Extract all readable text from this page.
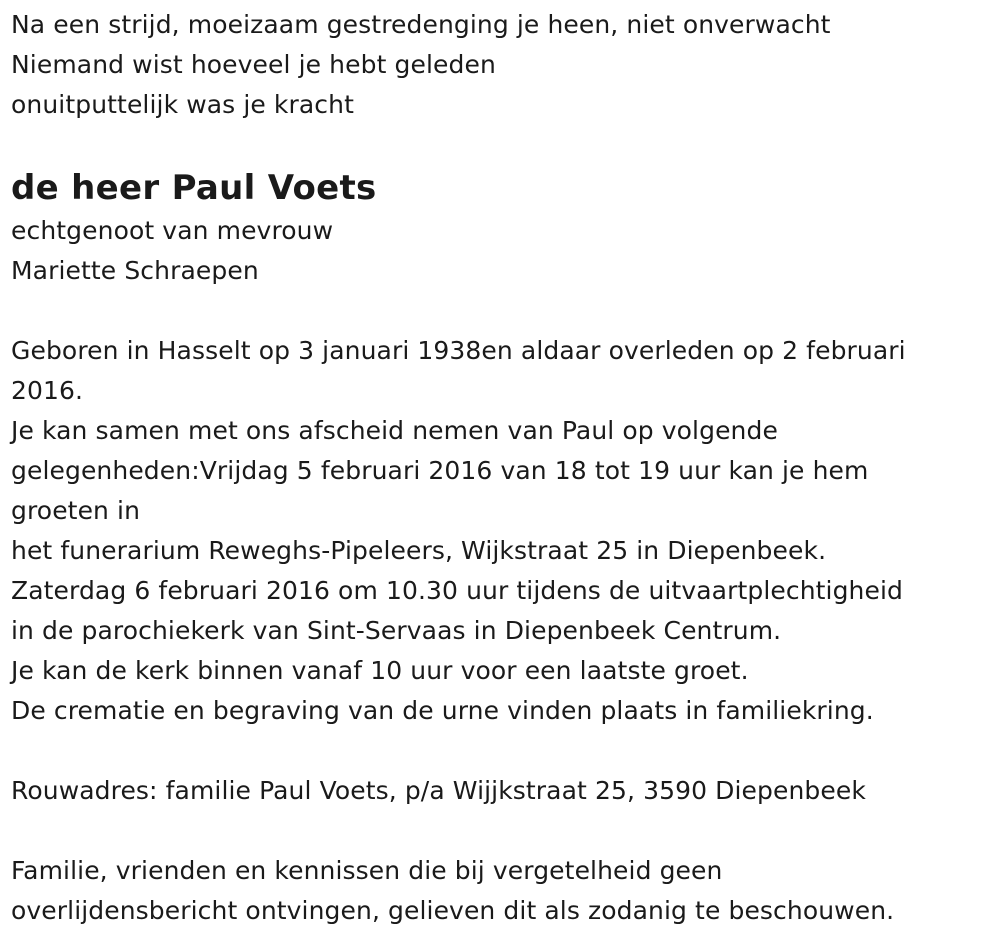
Na een strijd, moeizaam gestredenging je heen, niet onverwacht
Niemand wist hoeveel je hebt geleden
onuitputtelijk was je kracht
de heer Paul Voets
echtgenoot van mevrouw
Mariette Schraepen
Geboren in Hasselt op 3 januari 1938en aldaar overleden op 2 februari
2016.
Je kan samen met ons afscheid nemen van Paul op volgende
gelegenheden:Vrijdag 5 februari 2016 van 18 tot 19 uur kan je hem
groeten in
het funerarium Reweghs-Pipeleers, Wijkstraat 25 in Diepenbeek.
Zaterdag 6 februari 2016 om 10.30 uur tijdens de uitvaartplechtigheid
in de parochiekerk van Sint-Servaas in Diepenbeek Centrum.
Je kan de kerk binnen vanaf 10 uur voor een laatste groet.
De crematie en begraving van de urne vinden plaats in familiekring.
Rouwadres: familie Paul Voets, p/a Wijjkstraat 25, 3590 Diepenbeek
Familie, vrienden en kennissen die bij vergetelheid geen
overlijdensbericht ontvingen, gelieven dit als zodanig te beschouwen.
